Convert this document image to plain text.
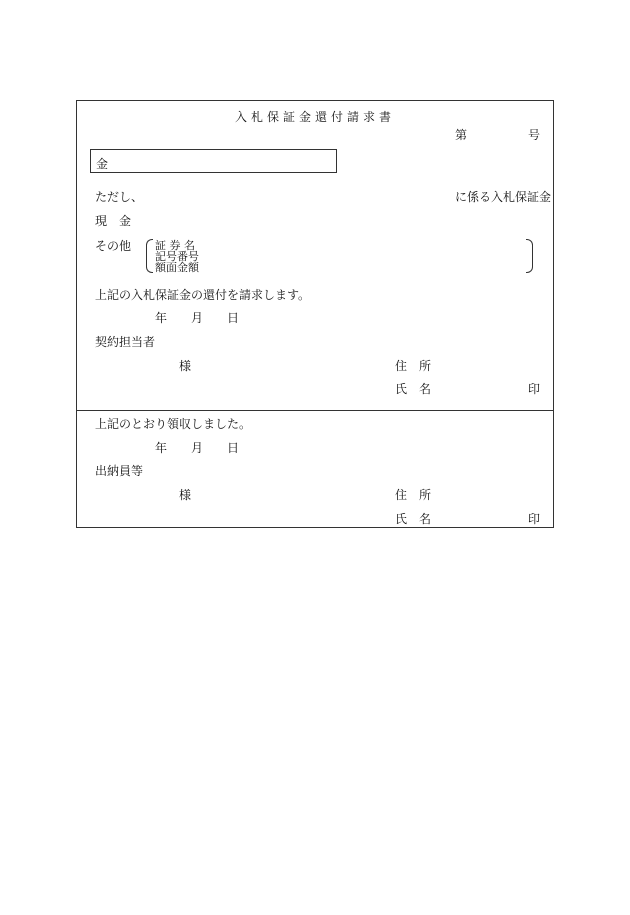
入札保証金還付請求書
第	号
金
ただし、	に係る入札保証金
現　金
その他 証 券 名
記号番号
額面金額
上記の入札保証金の還付を請求します。
年 月 日
契約担当者
様	住　所
氏　名	印
上記のとおり領収しました。
年 月 日
出納員等
様	住　所
氏　名	印
